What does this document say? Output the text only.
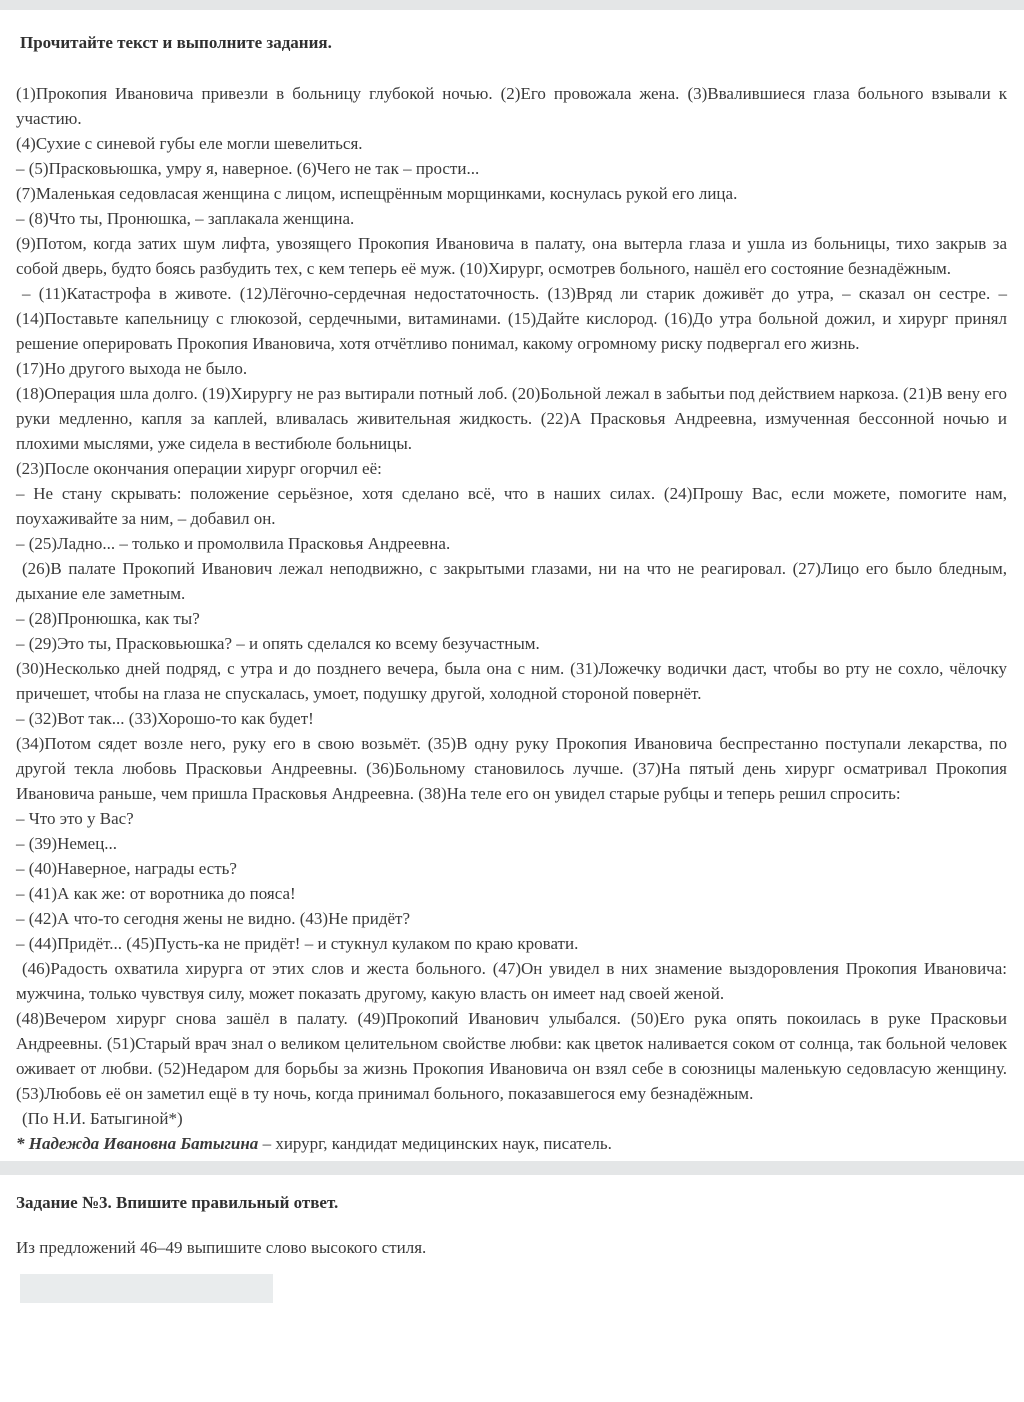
Прочитайте текст и выполните задания.

(1)Прокопия Ивановича привезли в больницу глубокой ночью. (2)Его провожала жена. (3)Ввалившиеся глаза больного взывали к участию.

(4)Сухие с синевой губы еле могли шевелиться.

– (5)Прасковьюшка, умру я, наверное. (6)Чего не так – прости...

(7)Маленькая седовласая женщина с лицом, испещрённым морщинками, коснулась рукой его лица.

– (8)Что ты, Пронюшка, – заплакала женщина.

(9)Потом, когда затих шум лифта, увозящего Прокопия Ивановича в палату, она вытерла глаза и ушла из больницы, тихо закрыв за собой дверь, будто боясь разбудить тех, с кем теперь её муж. (10)Хирург, осмотрев больного, нашёл его состояние безнадёжным.

– (11)Катастрофа в животе. (12)Лёгочно-сердечная недостаточность. (13)Вряд ли старик доживёт до утра, – сказал он сестре. – (14)Поставьте капельницу с глюкозой, сердечными, витаминами. (15)Дайте кислород. (16)До утра больной дожил, и хирург принял решение оперировать Прокопия Ивановича, хотя отчётливо понимал, какому огромному риску подвергал его жизнь.

(17)Но другого выхода не было.

(18)Операция шла долго. (19)Хирургу не раз вытирали потный лоб. (20)Больной лежал в забытьи под действием наркоза. (21)В вену его руки медленно, капля за каплей, вливалась живительная жидкость. (22)А Прасковья Андреевна, измученная бессонной ночью и плохими мыслями, уже сидела в вестибюле больницы.

(23)После окончания операции хирург огорчил её:

– Не стану скрывать: положение серьёзное, хотя сделано всё, что в наших силах. (24)Прошу Вас, если можете, помогите нам, поухаживайте за ним, – добавил он.

– (25)Ладно... – только и промолвила Прасковья Андреевна.

(26)В палате Прокопий Иванович лежал неподвижно, с закрытыми глазами, ни на что не реагировал. (27)Лицо его было бледным, дыхание еле заметным.

– (28)Пронюшка, как ты?

– (29)Это ты, Прасковьюшка? – и опять сделался ко всему безучастным.

(30)Несколько дней подряд, с утра и до позднего вечера, была она с ним. (31)Ложечку водички даст, чтобы во рту не сохло, чёлочку причешет, чтобы на глаза не спускалась, умоет, подушку другой, холодной стороной повернёт.

– (32)Вот так... (33)Хорошо-то как будет!

(34)Потом сядет возле него, руку его в свою возьмёт. (35)В одну руку Прокопия Ивановича беспрестанно поступали лекарства, по другой текла любовь Прасковьи Андреевны. (36)Больному становилось лучше. (37)На пятый день хирург осматривал Прокопия Ивановича раньше, чем пришла Прасковья Андреевна. (38)На теле его он увидел старые рубцы и теперь решил спросить:

– Что это у Вас?

– (39)Немец...

– (40)Наверное, награды есть?

– (41)А как же: от воротника до пояса!

– (42)А что-то сегодня жены не видно. (43)Не придёт?

– (44)Придёт... (45)Пусть-ка не придёт! – и стукнул кулаком по краю кровати.

(46)Радость охватила хирурга от этих слов и жеста больного. (47)Он увидел в них знамение выздоровления Прокопия Ивановича: мужчина, только чувствуя силу, может показать другому, какую власть он имеет над своей женой.

(48)Вечером хирург снова зашёл в палату. (49)Прокопий Иванович улыбался. (50)Его рука опять покоилась в руке Прасковьи Андреевны. (51)Старый врач знал о великом целительном свойстве любви: как цветок наливается соком от солнца, так больной человек оживает от любви. (52)Недаром для борьбы за жизнь Прокопия Ивановича он взял себе в союзницы маленькую седовласую женщину. (53)Любовь её он заметил ещё в ту ночь, когда принимал больного, показавшегося ему безнадёжным.

(По Н.И. Батыгиной*)

* Надежда Ивановна Батыгина – хирург, кандидат медицинских наук, писатель.

Задание №3. Впишите правильный ответ.

Из предложений 46–49 выпишите слово высокого стиля.
